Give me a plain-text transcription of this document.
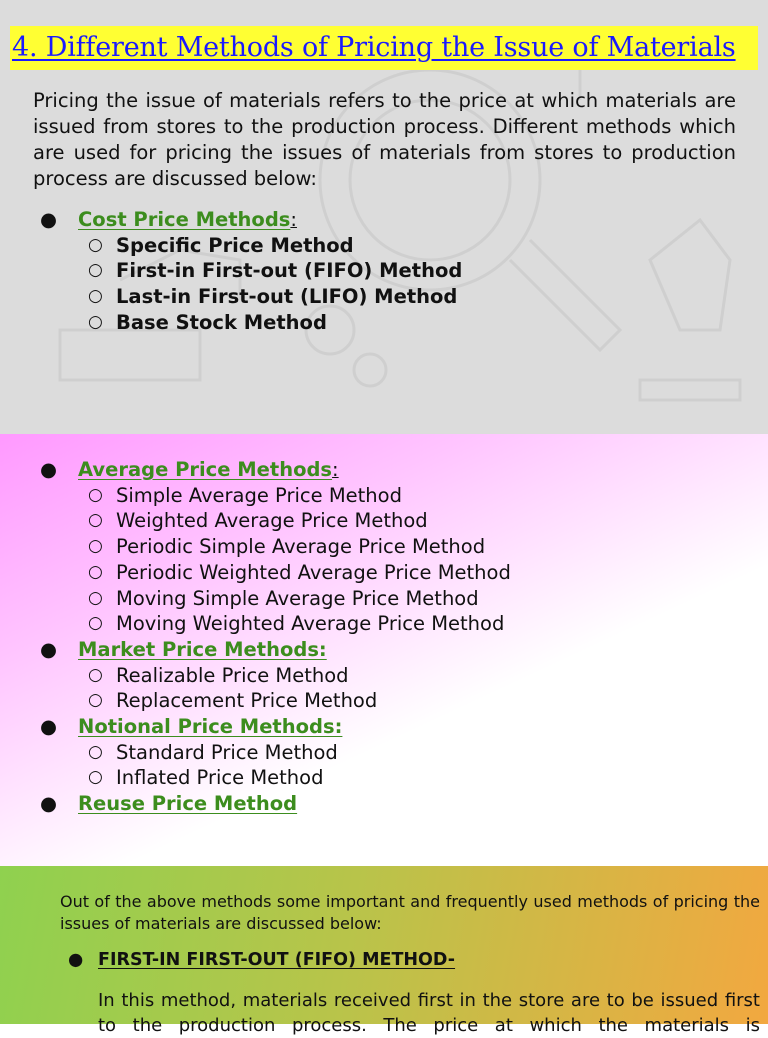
4. Different Methods of Pricing the Issue of Materials
Pricing the issue of materials refers to the price at which materials are issued from stores to the production process. Different methods which are used for pricing the issues of materials from stores to production process are discussed below:
● Cost Price Methods:
○ Specific Price Method
○ First-in First-out (FIFO) Method
○ Last-in First-out (LIFO) Method
○ Base Stock Method
● Average Price Methods:
○ Simple Average Price Method
○ Weighted Average Price Method
○ Periodic Simple Average Price Method
○ Periodic Weighted Average Price Method
○ Moving Simple Average Price Method
○ Moving Weighted Average Price Method
● Market Price Methods:
○ Realizable Price Method
○ Replacement Price Method
● Notional Price Methods:
○ Standard Price Method
○ Inflated Price Method
● Reuse Price Method
Out of the above methods some important and frequently used methods of pricing the issues of materials are discussed below:
● FIRST-IN FIRST-OUT (FIFO) METHOD-
In this method, materials received first in the store are to be issued first to the production process. The price at which the materials is
